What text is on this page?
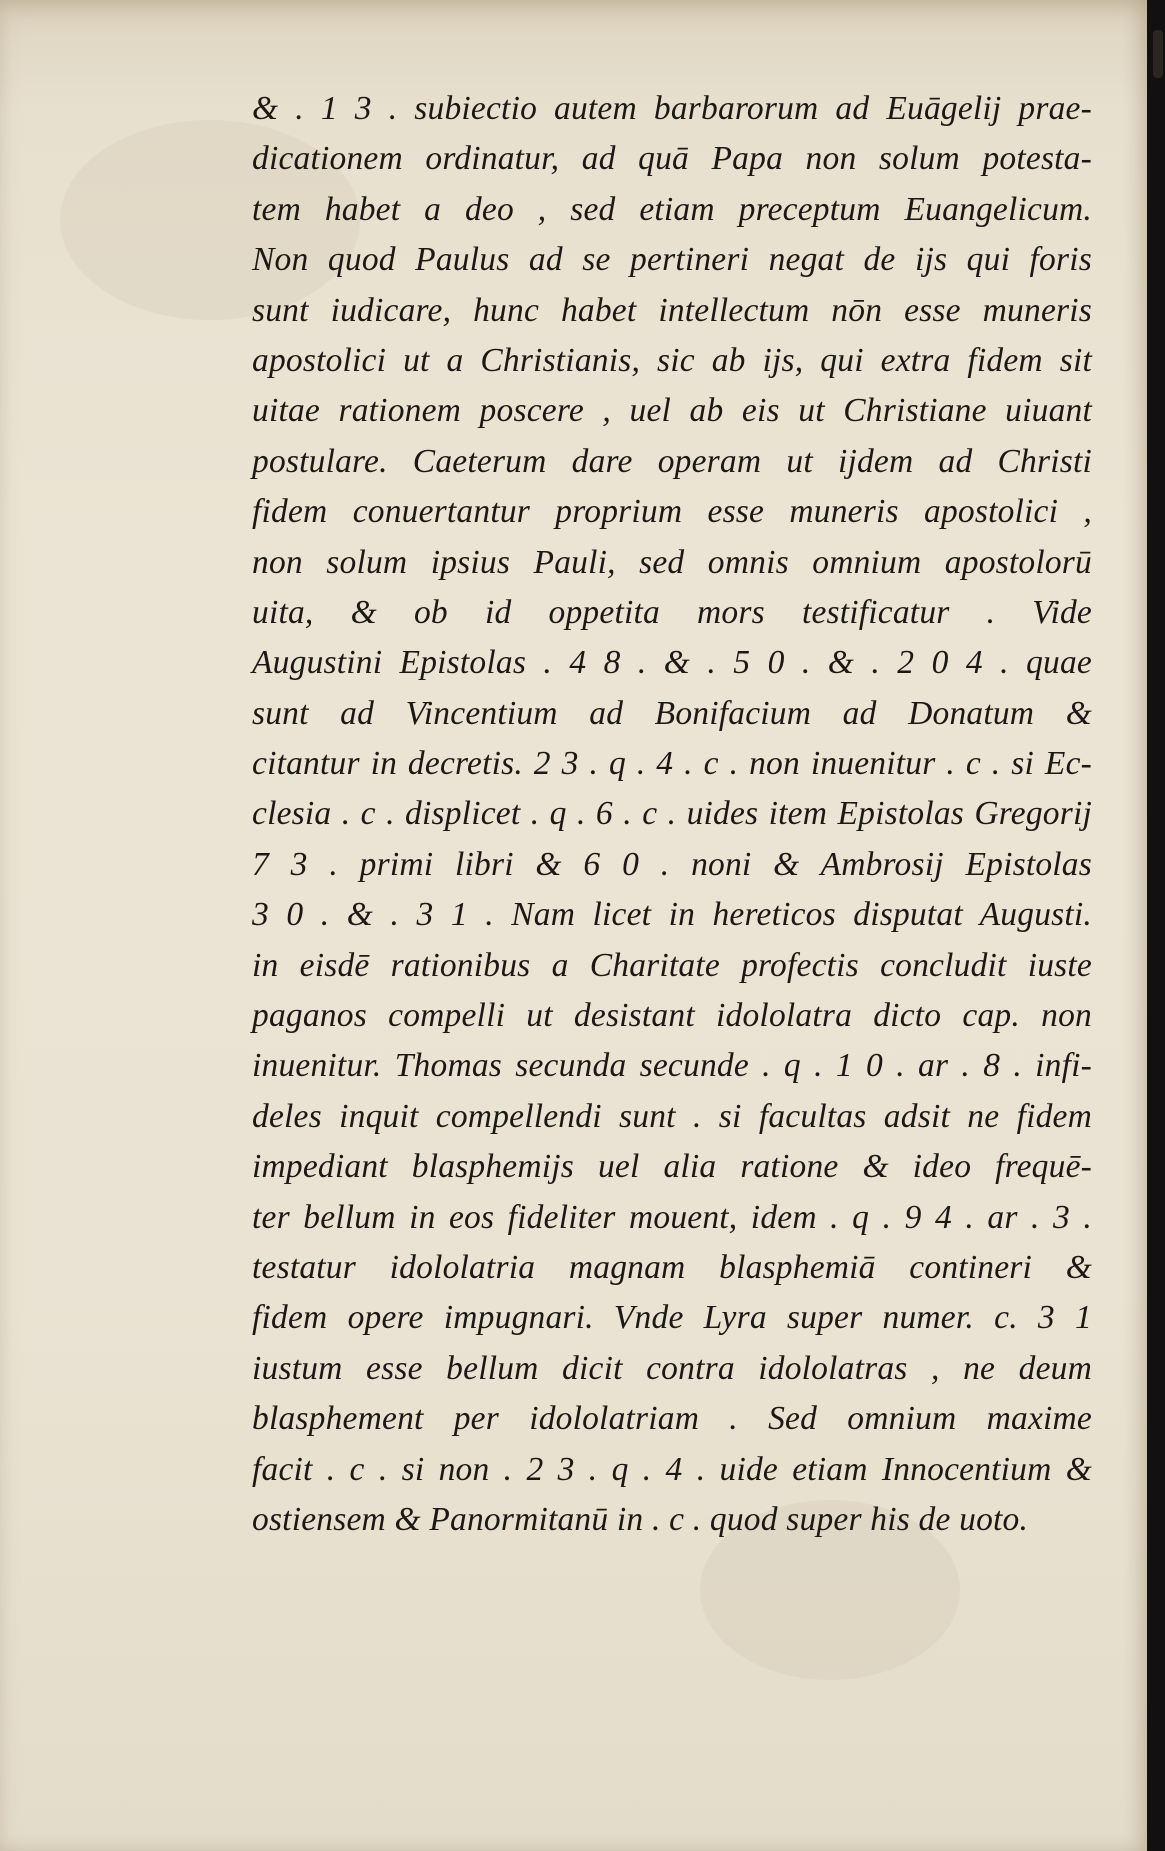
& . 1 3 . subiectio autem barbarorum ad Euāgelij prae-
dicationem ordinatur, ad quā Papa non solum potesta-
tem habet a deo , sed etiam preceptum Euangelicum.
Non quod Paulus ad se pertineri negat de ijs qui foris
sunt iudicare, hunc habet intellectum nōn esse muneris
apostolici ut a Christianis, sic ab ijs, qui extra fidem sit
uitae rationem poscere , uel ab eis ut Christiane uiuant
postulare. Caeterum dare operam ut ijdem ad Christi
fidem conuertantur proprium esse muneris apostolici ,
non solum ipsius Pauli, sed omnis omnium apostolorū
uita, & ob id oppetita mors testificatur . Vide
Augustini Epistolas . 4 8 . & . 5 0 . & . 2 0 4 . quae
sunt ad Vincentium ad Bonifacium ad Donatum &
citantur in decretis. 2 3 . q . 4 . c . non inuenitur . c . si Ec-
clesia . c . displicet . q . 6 . c . uides item Epistolas Gregorij
7 3 . primi libri & 6 0 . noni & Ambrosij Epistolas
3 0 . & . 3 1 . Nam licet in hereticos disputat Augusti.
in eisdē rationibus a Charitate profectis concludit iuste
paganos compelli ut desistant idololatra dicto cap. non
inuenitur. Thomas secunda secunde . q . 1 0 . ar . 8 . infi-
deles inquit compellendi sunt . si facultas adsit ne fidem
impediant blasphemijs uel alia ratione & ideo frequē-
ter bellum in eos fideliter mouent, idem . q . 9 4 . ar . 3 .
testatur idololatria magnam blasphemiā contineri &
fidem opere impugnari. Vnde Lyra super numer. c. 3 1
iustum esse bellum dicit contra idololatras , ne deum
blasphement per idololatriam . Sed omnium maxime
facit . c . si non . 2 3 . q . 4 . uide etiam Innocentium &
ostiensem & Panormitanū in . c . quod super his de uoto.
